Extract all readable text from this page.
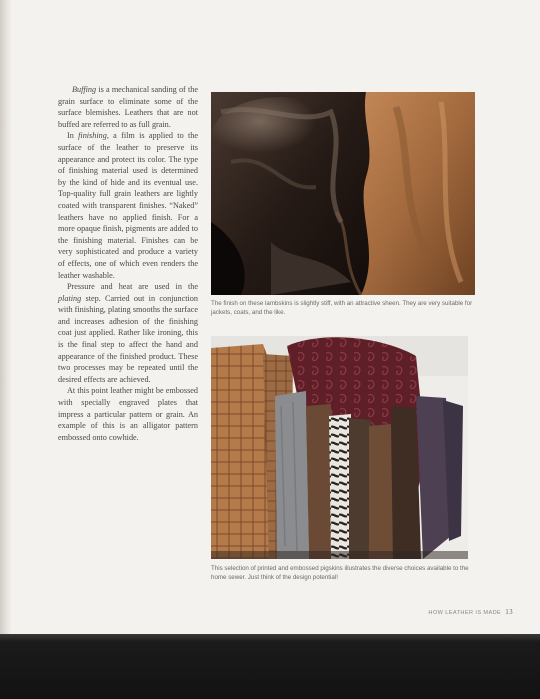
Buffing is a mechanical sanding of the grain surface to eliminate some of the surface blemishes. Leathers that are not buffed are referred to as full grain.

In finishing, a film is applied to the surface of the leather to preserve its appearance and protect its color. The type of finishing material used is determined by the kind of hide and its eventual use. Top-quality full grain leathers are lightly coated with transparent finishes. “Naked” leathers have no applied finish. For a more opaque finish, pigments are added to the finishing material. Finishes can be very sophisticated and produce a variety of effects, one of which even renders the leather washable.

Pressure and heat are used in the plating step. Carried out in conjunction with finishing, plating smooths the surface and increases adhesion of the finishing coat just applied. Rather like ironing, this is the final step to affect the hand and appearance of the finished product. These two processes may be repeated until the desired effects are achieved.

At this point leather might be embossed with specially engraved plates that impress a particular pattern or grain. An example of this is an alligator pattern embossed onto cowhide.

The finish on these lambskins is slightly stiff, with an attractive sheen. They are very suitable for jackets, coats, and the like.
This selection of printed and embossed pigskins illustrates the diverse choices available to the home sewer. Just think of the design potential!
HOW LEATHER IS MADE 13
